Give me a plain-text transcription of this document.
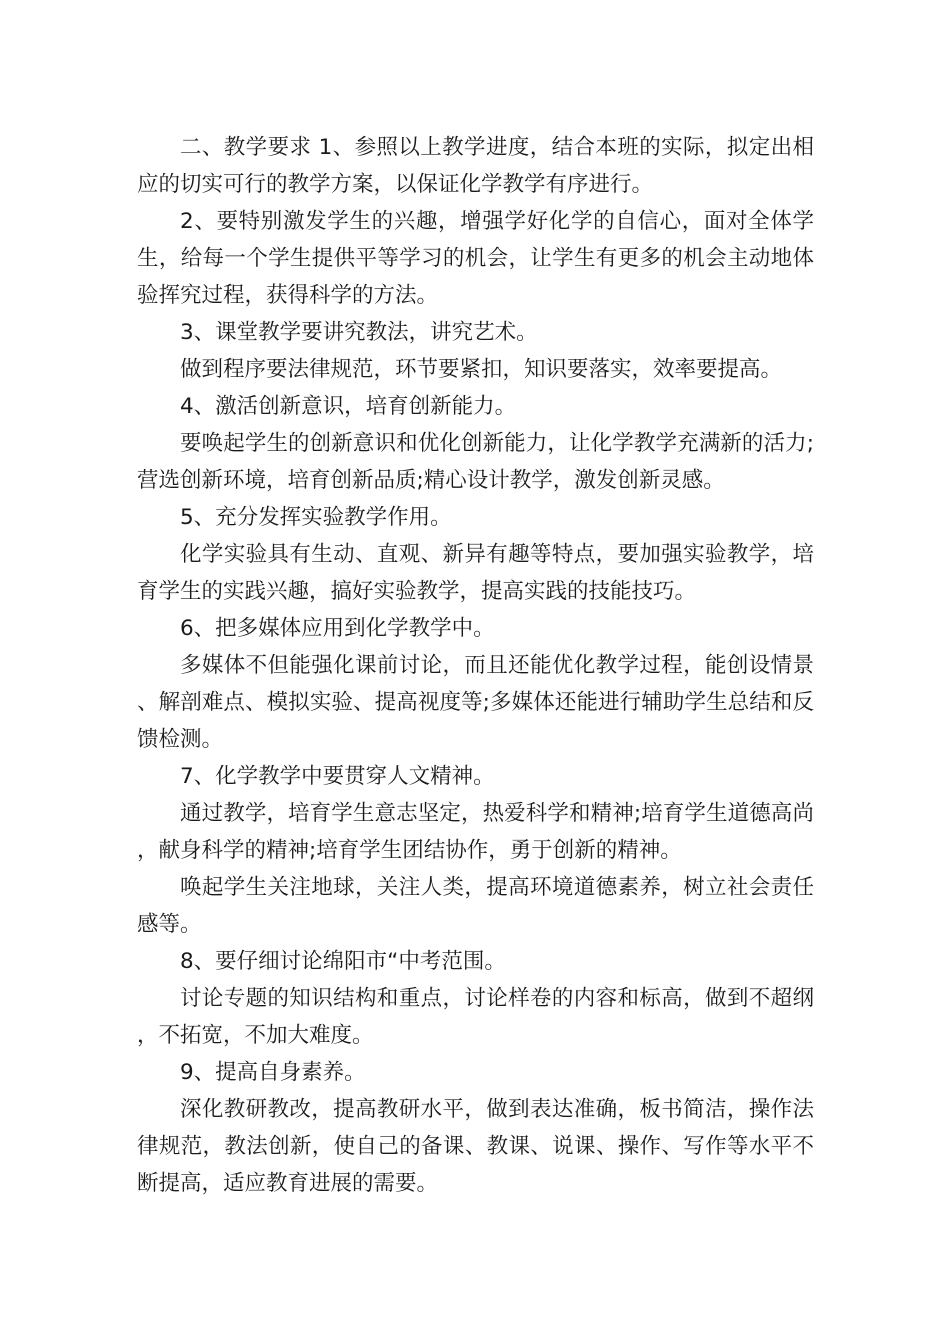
二、教学要求 1、参照以上教学进度，结合本班的实际，拟定出相应的切实可行的教学方案，以保证化学教学有序进行。

2、要特别激发学生的兴趣，增强学好化学的自信心，面对全体学生，给每一个学生提供平等学习的机会，让学生有更多的机会主动地体验挥究过程，获得科学的方法。

3、课堂教学要讲究教法，讲究艺术。

做到程序要法律规范，环节要紧扣，知识要落实，效率要提高。

4、激活创新意识，培育创新能力。

要唤起学生的创新意识和优化创新能力，让化学教学充满新的活力;营选创新环境，培育创新品质;精心设计教学，激发创新灵感。

5、充分发挥实验教学作用。

化学实验具有生动、直观、新异有趣等特点，要加强实验教学，培育学生的实践兴趣，搞好实验教学，提高实践的技能技巧。

6、把多媒体应用到化学教学中。

多媒体不但能强化课前讨论，而且还能优化教学过程，能创设情景、解剖难点、模拟实验、提高视度等;多媒体还能进行辅助学生总结和反馈检测。

7、化学教学中要贯穿人文精神。

通过教学，培育学生意志坚定，热爱科学和精神;培育学生道德高尚，献身科学的精神;培育学生团结协作，勇于创新的精神。

唤起学生关注地球，关注人类，提高环境道德素养，树立社会责任感等。

8、要仔细讨论绵阳市“中考范围。

讨论专题的知识结构和重点，讨论样卷的内容和标高，做到不超纲，不拓宽，不加大难度。

9、提高自身素养。

深化教研教改，提高教研水平，做到表达准确，板书简洁，操作法律规范，教法创新，使自己的备课、教课、说课、操作、写作等水平不断提高，适应教育进展的需要。
